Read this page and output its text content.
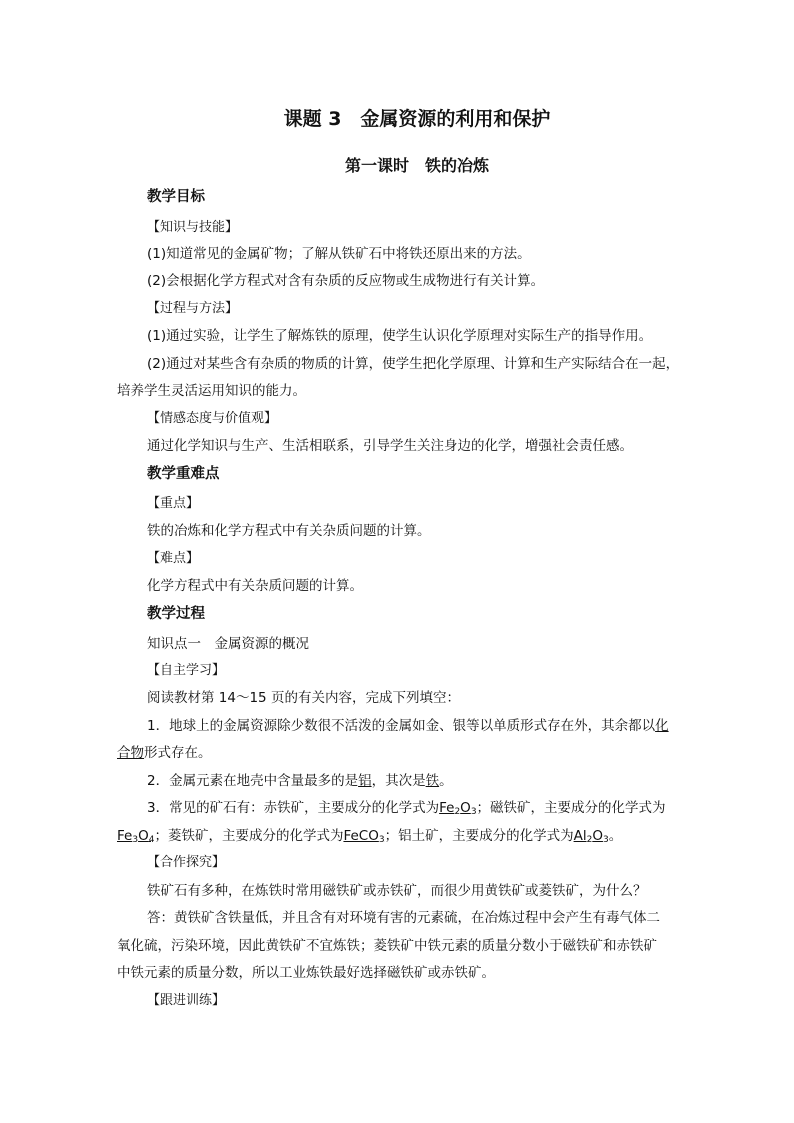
课题 3　金属资源的利用和保护
第一课时　铁的冶炼
教学目标
【知识与技能】
(1)知道常见的金属矿物；了解从铁矿石中将铁还原出来的方法。
(2)会根据化学方程式对含有杂质的反应物或生成物进行有关计算。
【过程与方法】
(1)通过实验，让学生了解炼铁的原理，使学生认识化学原理对实际生产的指导作用。
(2)通过对某些含有杂质的物质的计算，使学生把化学原理、计算和生产实际结合在一起，
培养学生灵活运用知识的能力。
【情感态度与价值观】
通过化学知识与生产、生活相联系，引导学生关注身边的化学，增强社会责任感。
教学重难点
【重点】
铁的冶炼和化学方程式中有关杂质问题的计算。
【难点】
化学方程式中有关杂质问题的计算。
教学过程
知识点一　金属资源的概况
【自主学习】
阅读教材第 14～15 页的有关内容，完成下列填空：
1．地球上的金属资源除少数很不活泼的金属如金、银等以单质形式存在外，其余都以化
合物形式存在。
2．金属元素在地壳中含量最多的是铝，其次是铁。
3．常见的矿石有：赤铁矿，主要成分的化学式为$Fe_2O_3$；磁铁矿，主要成分的化学式为
$Fe_3O_4$；菱铁矿，主要成分的化学式为FeCO$_3$；铝土矿，主要成分的化学式为$Al_2O_3$。
【合作探究】
铁矿石有多种，在炼铁时常用磁铁矿或赤铁矿，而很少用黄铁矿或菱铁矿，为什么？
答：黄铁矿含铁量低，并且含有对环境有害的元素硫，在冶炼过程中会产生有毒气体二
氧化硫，污染环境，因此黄铁矿不宜炼铁；菱铁矿中铁元素的质量分数小于磁铁矿和赤铁矿
中铁元素的质量分数，所以工业炼铁最好选择磁铁矿或赤铁矿。
【跟进训练】
